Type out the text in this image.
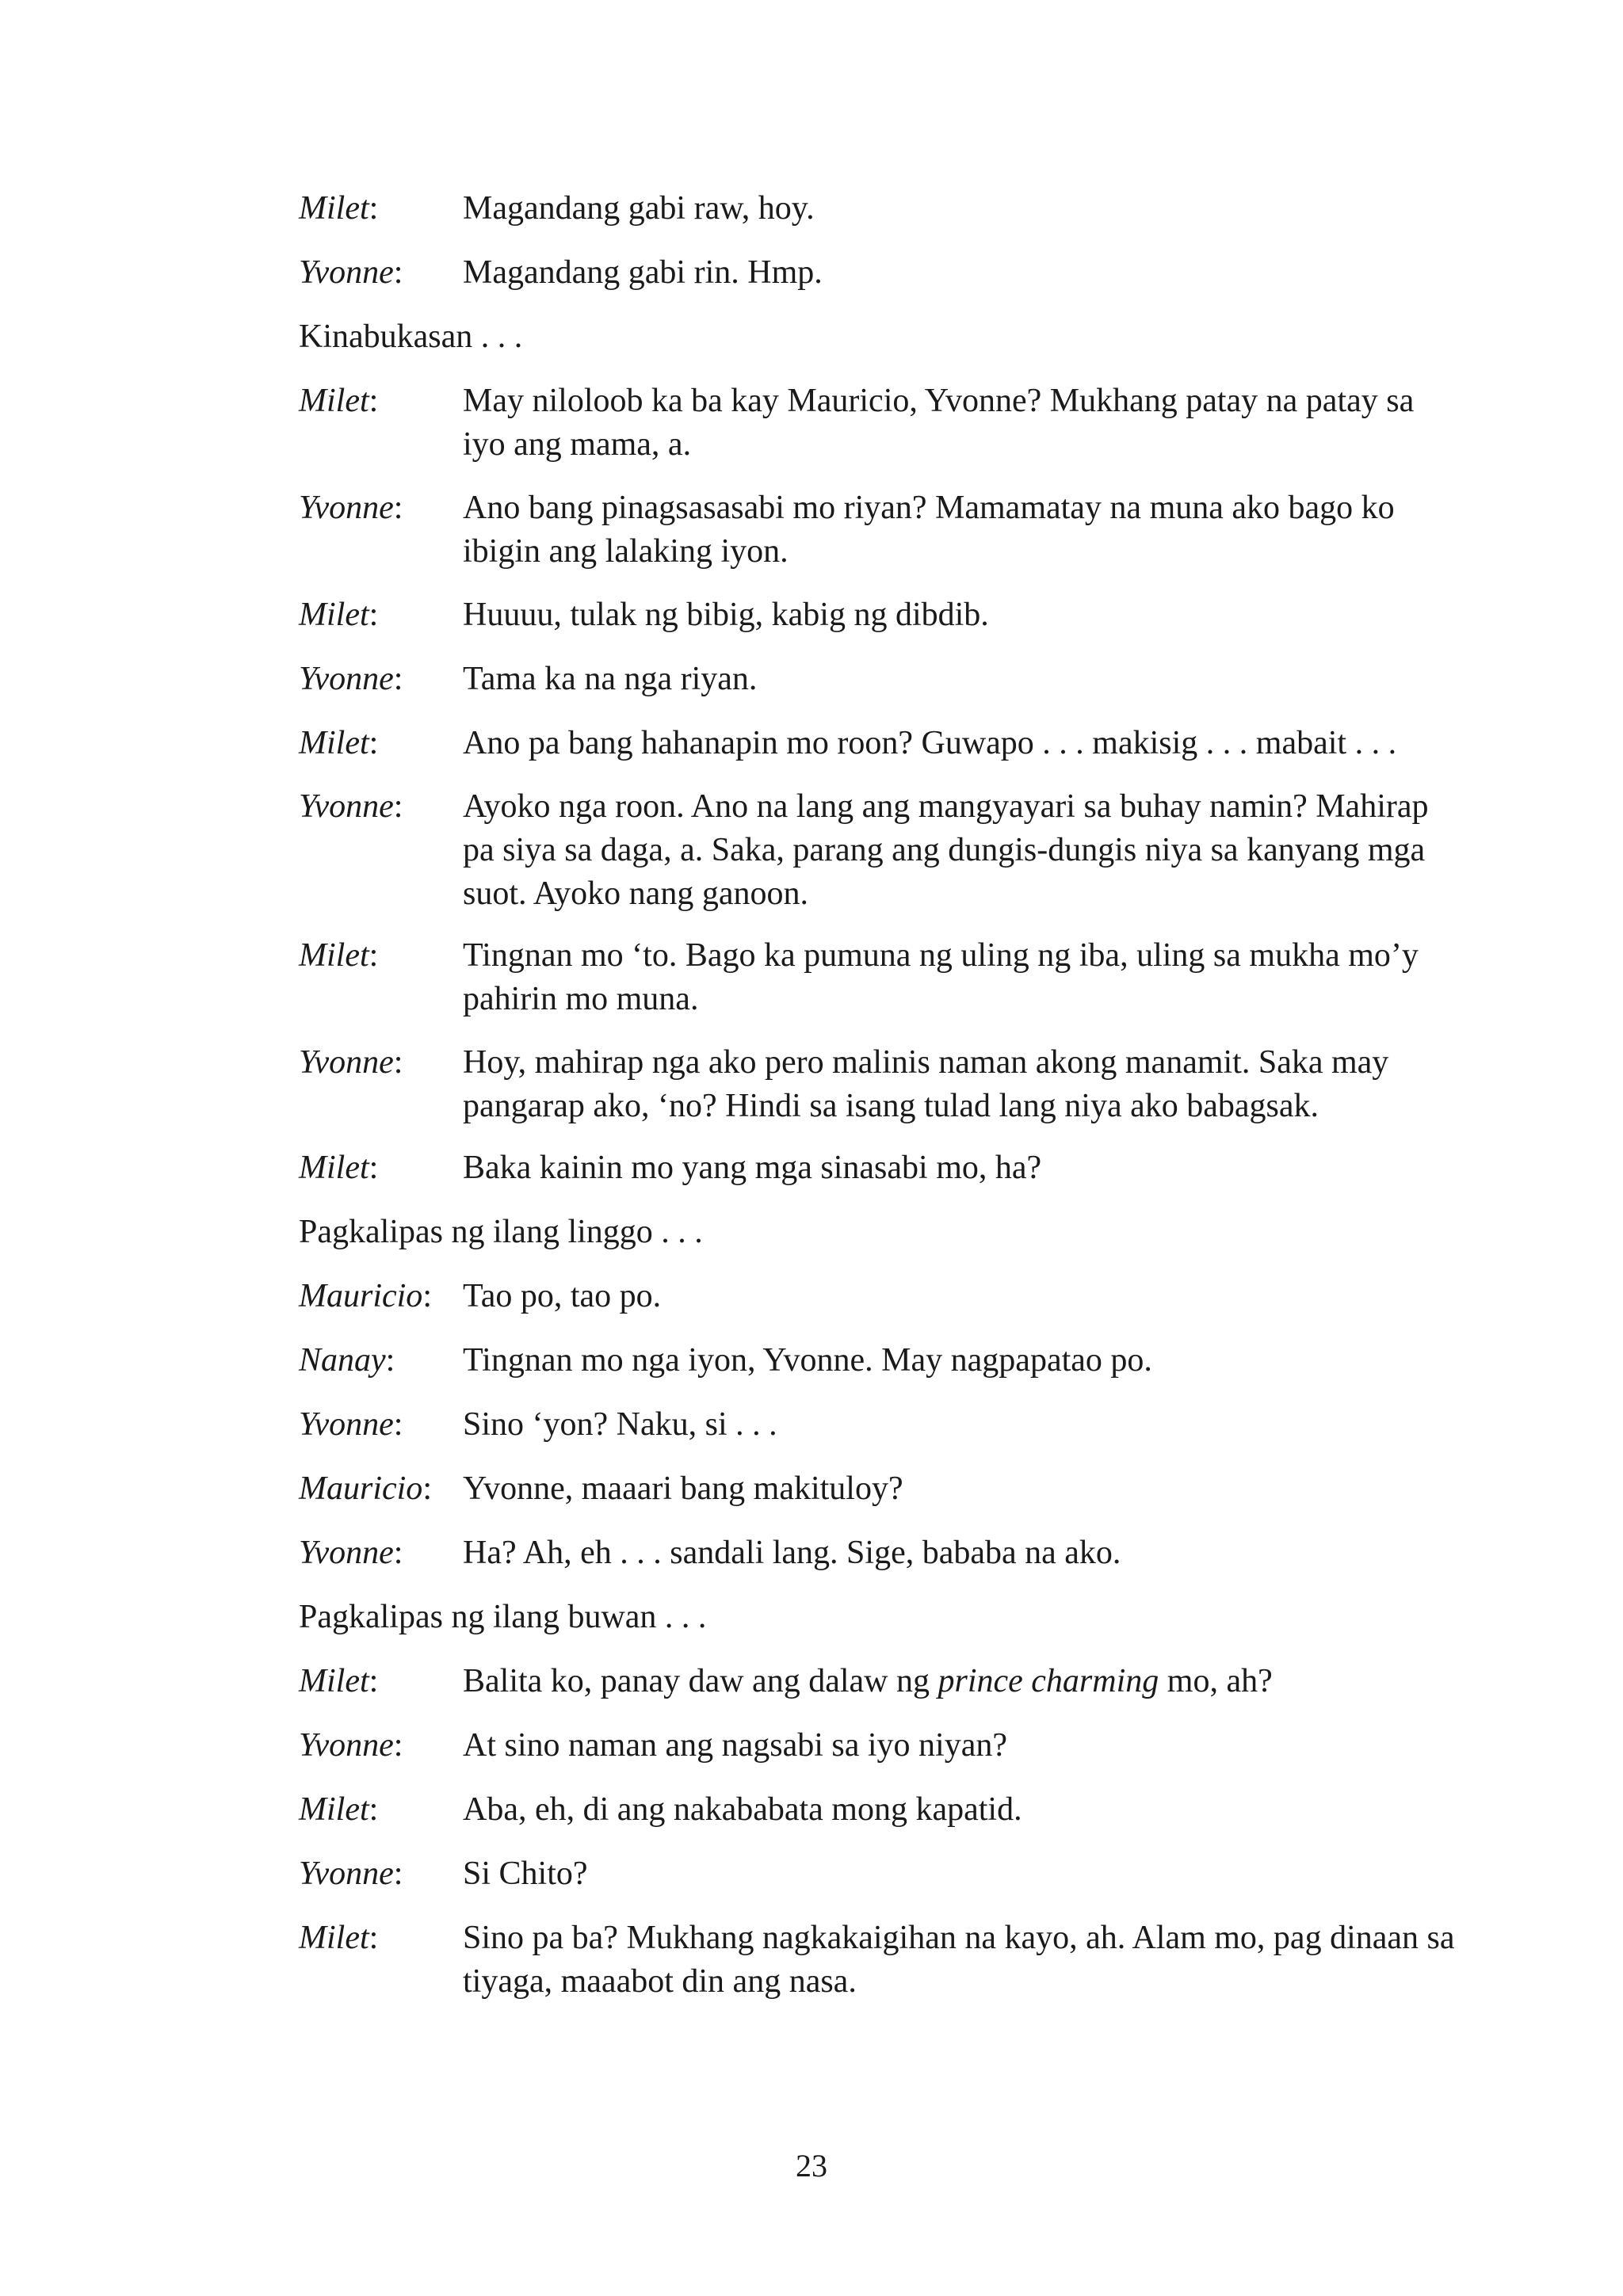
Milet:	Magandang gabi raw, hoy.
Yvonne:	Magandang gabi rin. Hmp.
Kinabukasan . . .
Milet:	May niloloob ka ba kay Mauricio, Yvonne? Mukhang patay na patay sa iyo ang mama, a.
Yvonne:	Ano bang pinagsasasabi mo riyan? Mamamatay na muna ako bago ko ibigin ang lalaking iyon.
Milet:	Huuuu, tulak ng bibig, kabig ng dibdib.
Yvonne:	Tama ka na nga riyan.
Milet:	Ano pa bang hahanapin mo roon? Guwapo . . . makisig . . . mabait . . .
Yvonne:	Ayoko nga roon. Ano na lang ang mangyayari sa buhay namin? Mahirap pa siya sa daga, a. Saka, parang ang dungis-dungis niya sa kanyang mga suot. Ayoko nang ganoon.
Milet:	Tingnan mo ‘to. Bago ka pumuna ng uling ng iba, uling sa mukha mo’y pahirin mo muna.
Yvonne:	Hoy, mahirap nga ako pero malinis naman akong manamit. Saka may pangarap ako, ‘no? Hindi sa isang tulad lang niya ako babagsak.
Milet:	Baka kainin mo yang mga sinasabi mo, ha?
Pagkalipas ng ilang linggo . . .
Mauricio: Tao po, tao po.
Nanay:	Tingnan mo nga iyon, Yvonne. May nagpapatao po.
Yvonne:	Sino ‘yon? Naku, si . . .
Mauricio: Yvonne, maaari bang makituloy?
Yvonne:	Ha? Ah, eh . . . sandali lang. Sige, bababa na ako.
Pagkalipas ng ilang buwan . . .
Milet:	Balita ko, panay daw ang dalaw ng prince charming mo, ah?
Yvonne:	At sino naman ang nagsabi sa iyo niyan?
Milet:	Aba, eh, di ang nakababata mong kapatid.
Yvonne:	Si Chito?
Milet:	Sino pa ba? Mukhang nagkakaigihan na kayo, ah. Alam mo, pag dinaan sa tiyaga, maaabot din ang nasa.
23
